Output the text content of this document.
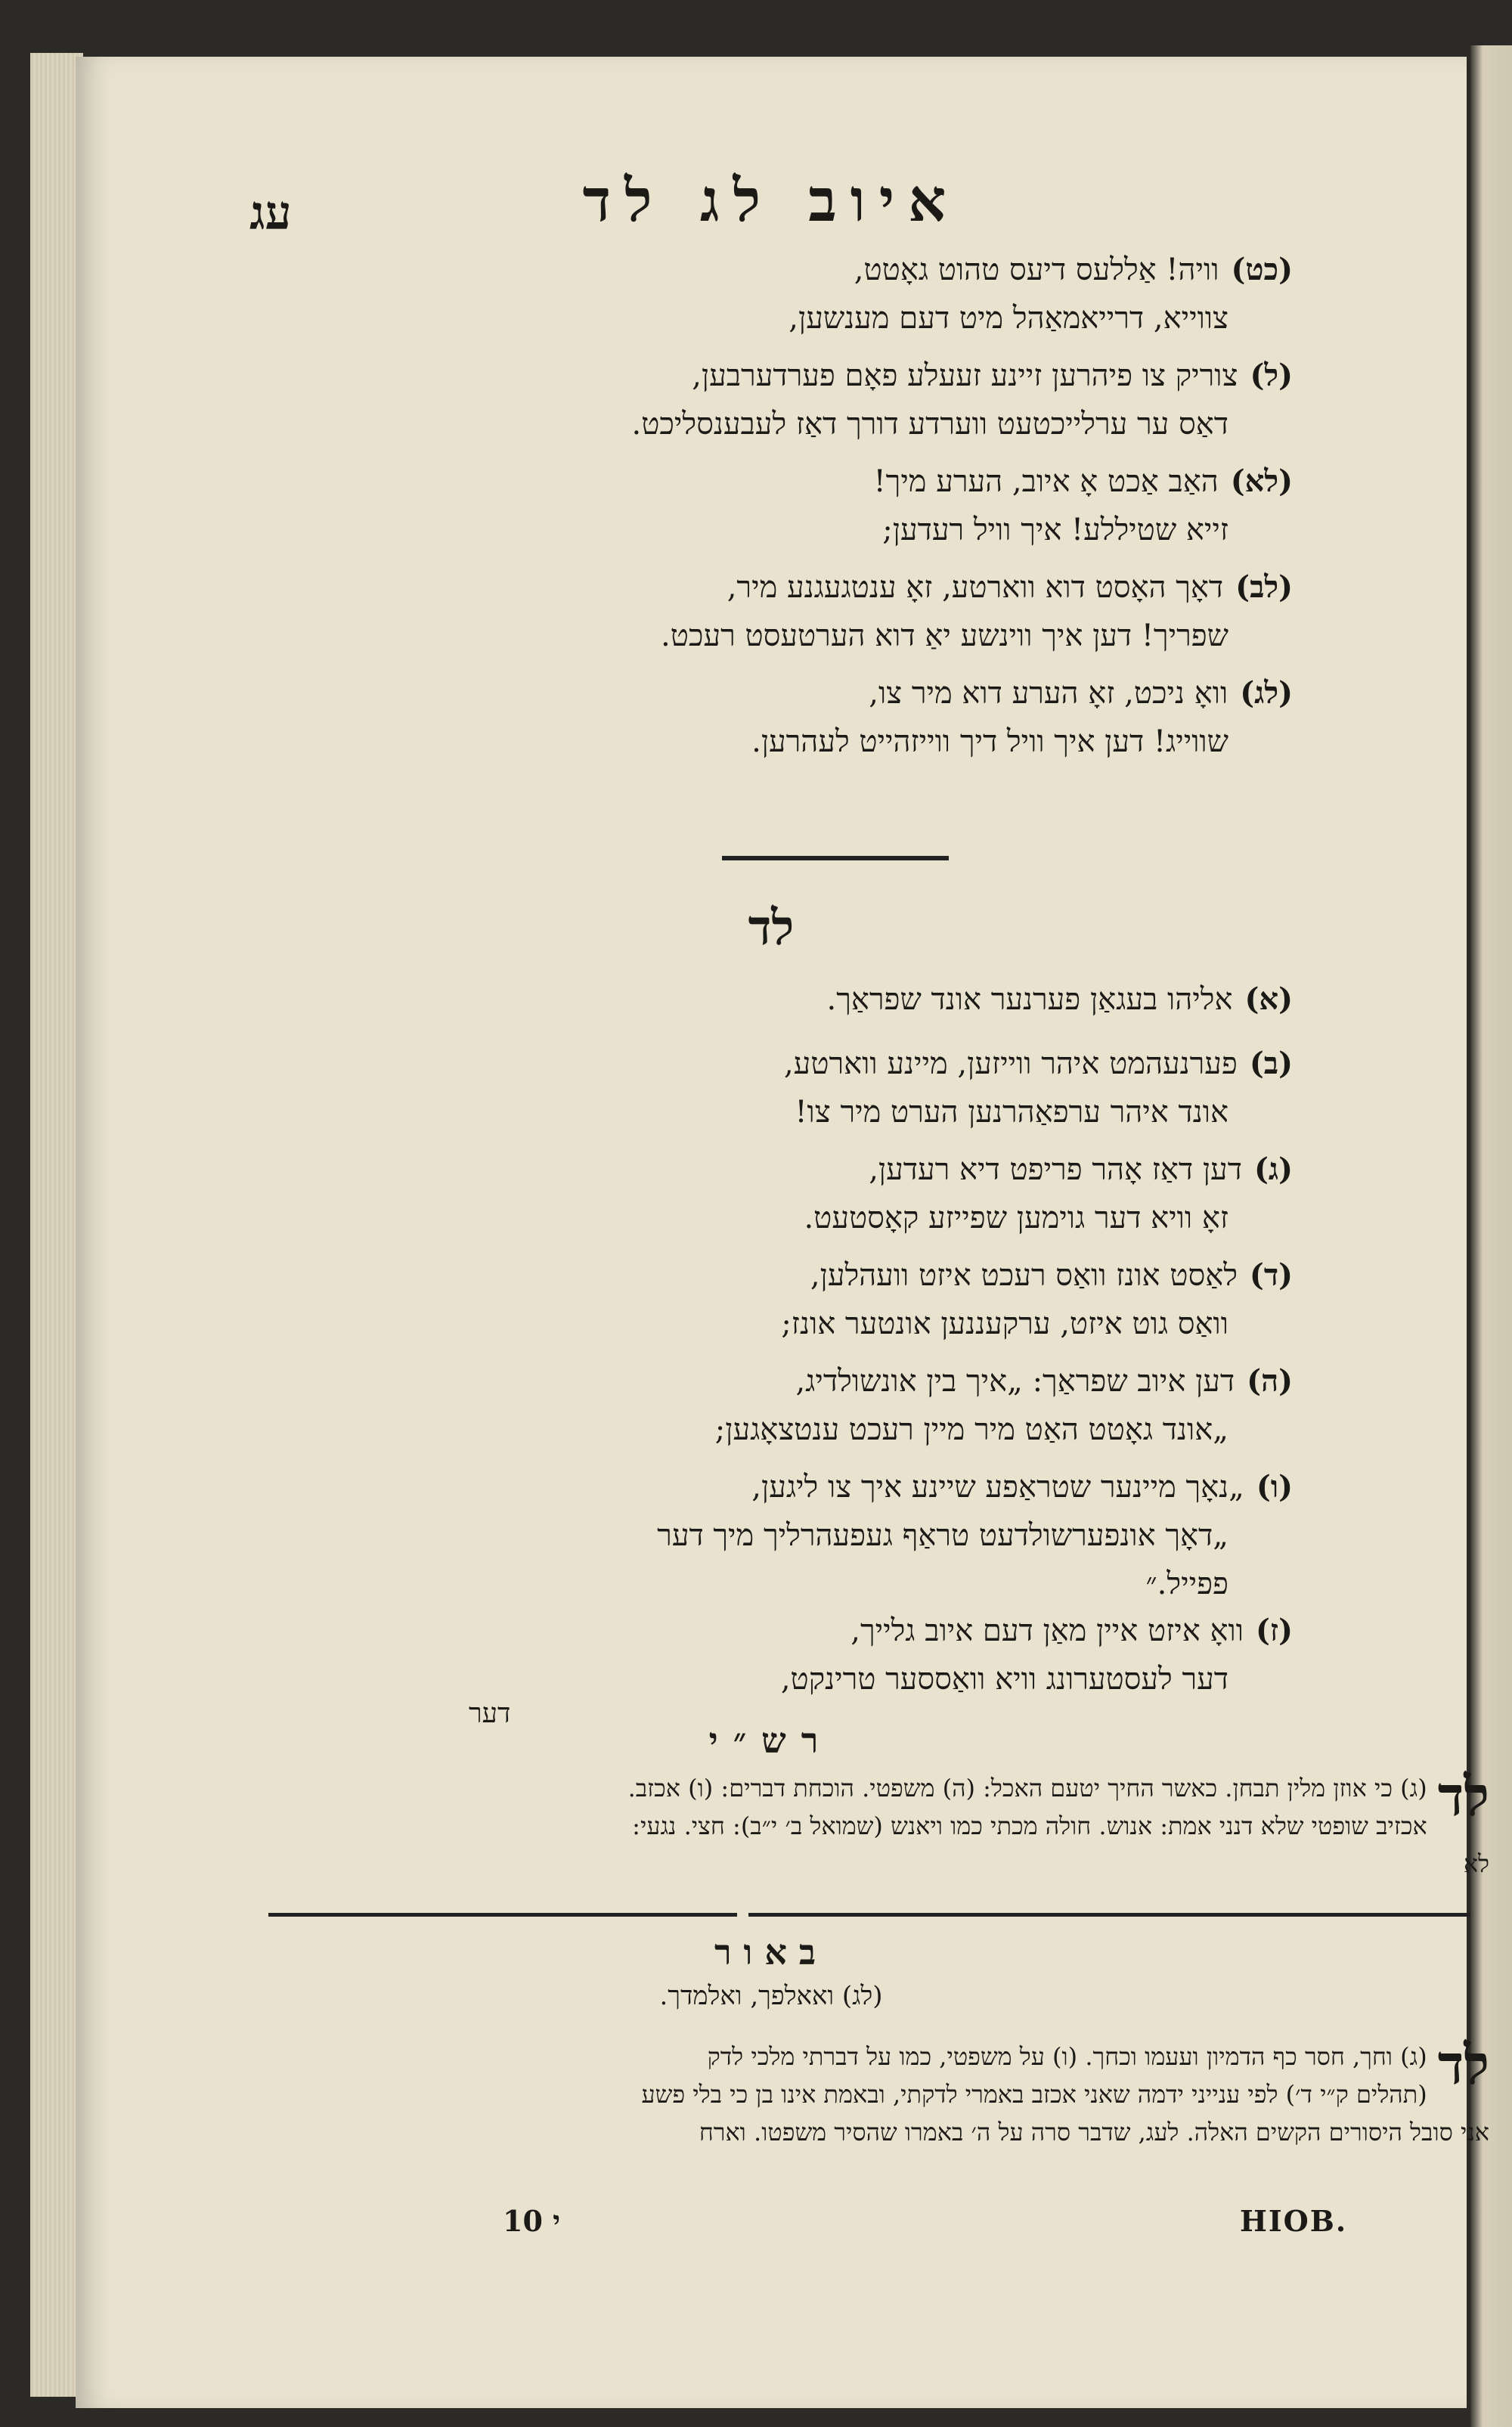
עג	איוב לג לד
(כט)וויה! אַללעס דיעס טהוט גאָטט,
צווייא, דרייאמאַהל מיט דעם מענשען,
(ל)צוריק צו פיהרען זיינע זעעלע פאָם פערדערבען,
דאַס ער ערלייכטעט ווערדע דורך דאַז לעבענסליכט.
(לא)האַב אַכט אָ איוב, הערע מיך!
זייא שטיללע! איך וויל רעדען;
(לב)דאָך האָסט דוא ווארטע, זאָ ענטגעגנע מיר,
שפריך! דען איך ווינשע יאַ דוא הערטעסט רעכט.
(לג)וואָ ניכט, זאָ הערע דוא מיר צו,
שווייג! דען איך וויל דיך ווייזהייט לעהרען.
לד
(א)אליהו בעגאַן פערנער אונד שפראַך.
(ב)פערנעהמט איהר ווייזען, מיינע ווארטע,
אונד איהר ערפאַהרנען הערט מיר צו!
(ג)דען דאַז אָהר פריפט דיא רעדען,
זאָ וויא דער גוימען שפייזע קאָסטעט.
(ד)לאַסט אונז וואַס רעכט איזט וועהלען,
וואַס גוט איזט, ערקעננען אונטער אונז;
(ה)דען איוב שפראַך: „איך בין אונשולדיג,
„אונד גאָטט האַט מיר מיין רעכט ענטצאָגען;
(ו)„נאָך מיינער שטראַפע שיינע איך צו ליגען,
„דאָך אונפערשולדעט טראַף געפעהרליך מיך דער
פפייל.״
(ז)וואָ איזט איין מאַן דעם איוב גלייך,
דער לעסטערונג וויא וואַססער טרינקט,
דער
רש״י
לד
(ג) כי אוזן מלין תבחן. כאשר החיך יטעם האכל: (ה) משפטי. הוכחת דברים: (ו) אכזב.
אכזיב שופטי שלא דנני אמת: אנוש. חולה מכתי כמו ויאנש (שמואל ב׳ י״ב): חצי. נגעי:
לא
באור
(לג) ואאלפך, ואלמדך.
לד
(ג) וחך, חסר כף הדמיון ועעמו וכחך. (ו) על משפטי, כמו על דברתי מלכי לדק
(תהלים ק״י ד׳) לפי ענייני ידמה שאני אכזב באמרי לדקתי, ובאמת אינו בן כי בלי פשע
אני סובל היסורים הקשים האלה. לעג, שדבר סרה על ה׳ באמרו שהסיר משפטו. וארח
10 י	HIOB.
